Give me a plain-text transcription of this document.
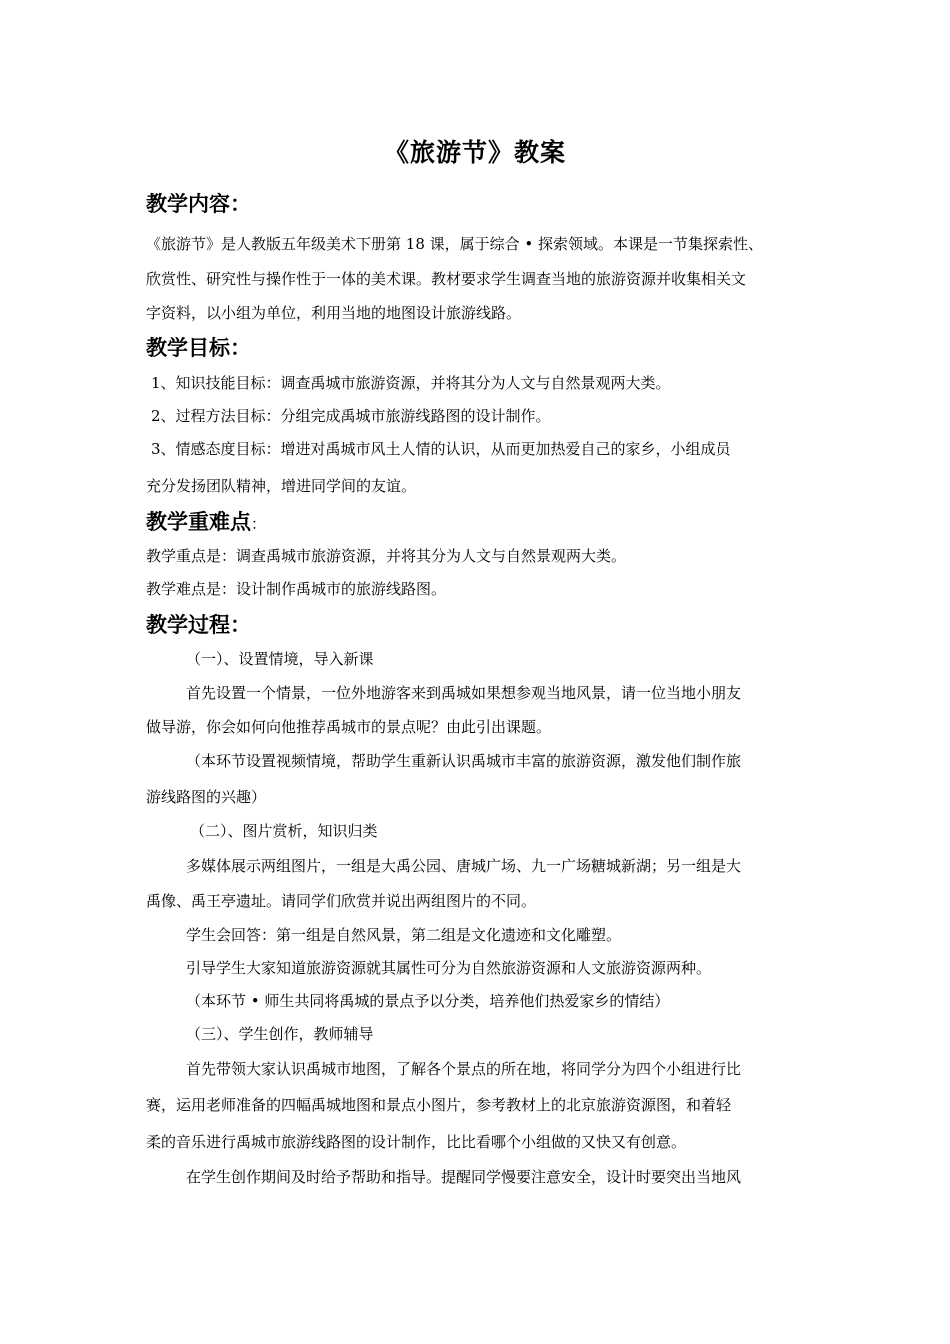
《旅游节》教案
教学内容：
《旅游节》是人教版五年级美术下册第 18 课，属于综合 • 探索领域。本课是一节集探索性、
欣赏性、研究性与操作性于一体的美术课。教材要求学生调查当地的旅游资源并收集相关文
字资料，以小组为单位，利用当地的地图设计旅游线路。
教学目标：
1、知识技能目标：调查禹城市旅游资源，并将其分为人文与自然景观两大类。
2、过程方法目标：分组完成禹城市旅游线路图的设计制作。
3、情感态度目标：增进对禹城市风土人情的认识，从而更加热爱自己的家乡，小组成员
充分发扬团队精神，增进同学间的友谊。
教学重难点：
教学重点是：调查禹城市旅游资源，并将其分为人文与自然景观两大类。
教学难点是：设计制作禹城市的旅游线路图。
教学过程：
（一）、设置情境，导入新课
首先设置一个情景，一位外地游客来到禹城如果想参观当地风景，请一位当地小朋友
做导游，你会如何向他推荐禹城市的景点呢？由此引出课题。
（本环节设置视频情境，帮助学生重新认识禹城市丰富的旅游资源，激发他们制作旅
游线路图的兴趣）
（二）、图片赏析，知识归类
多媒体展示两组图片，一组是大禹公园、唐城广场、九一广场糖城新湖；另一组是大
禹像、禹王亭遗址。请同学们欣赏并说出两组图片的不同。
学生会回答：第一组是自然风景，第二组是文化遗迹和文化雕塑。
引导学生大家知道旅游资源就其属性可分为自然旅游资源和人文旅游资源两种。
（本环节 • 师生共同将禹城的景点予以分类，培养他们热爱家乡的情结）
（三）、学生创作，教师辅导
首先带领大家认识禹城市地图，了解各个景点的所在地，将同学分为四个小组进行比
赛，运用老师准备的四幅禹城地图和景点小图片，参考教材上的北京旅游资源图，和着轻
柔的音乐进行禹城市旅游线路图的设计制作，比比看哪个小组做的又快又有创意。
在学生创作期间及时给予帮助和指导。提醒同学慢要注意安全，设计时要突出当地风
